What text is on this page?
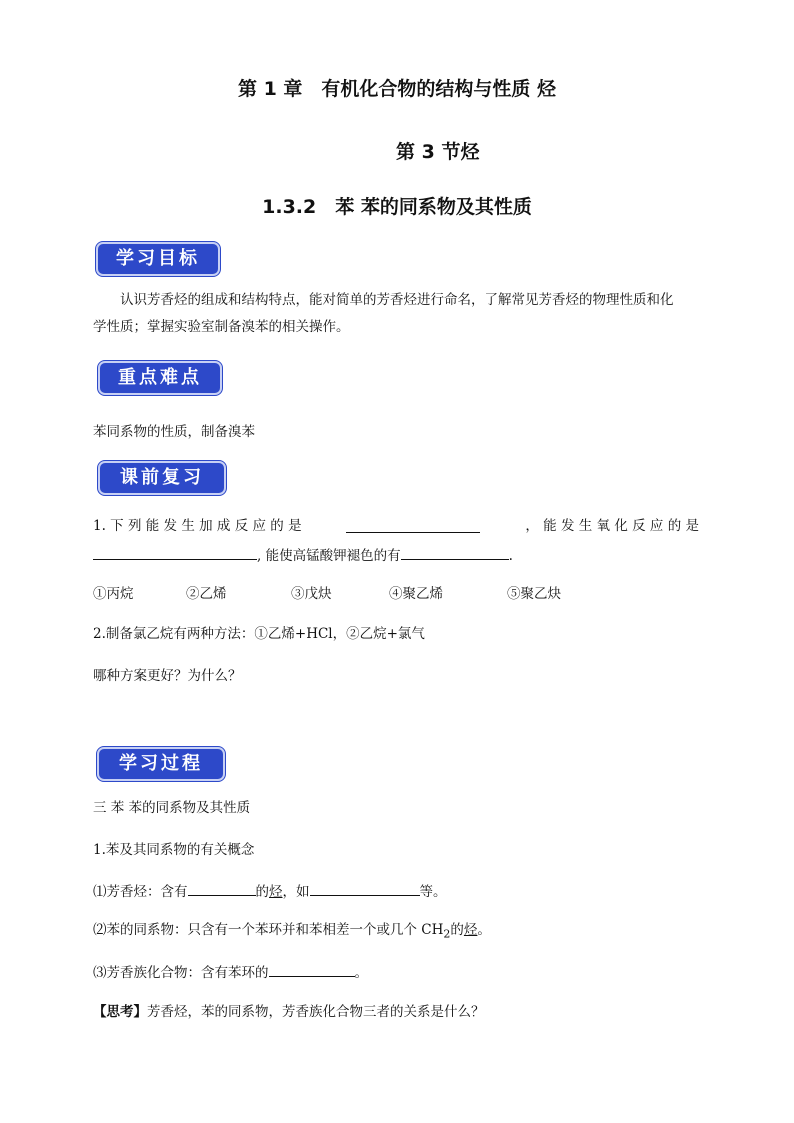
第 1 章　有机化合物的结构与性质 烃
第 3 节烃
1.3.2　苯 苯的同系物及其性质
学习目标
认识芳香烃的组成和结构特点，能对简单的芳香烃进行命名，了解常见芳香烃的物理性质和化
学性质；掌握实验室制备溴苯的相关操作。
重点难点
苯同系物的性质，制备溴苯
课前复习
1. 下 列 能 发 生 加 成 反 应 的 是	， 能 发 生 氧 化 反 应 的 是
, 能使高锰酸钾褪色的有	.
①丙烷	②乙烯	③戊炔	④聚乙烯	⑤聚乙炔
2.制备氯乙烷有两种方法：①乙烯+HCl，②乙烷+氯气
哪种方案更好？为什么？
学习过程
三 苯 苯的同系物及其性质
1.苯及其同系物的有关概念
⑴芳香烃：含有	的烃，如	等。
⑵苯的同系物：只含有一个苯环并和苯相差一个或几个 $CH_2$的烃。
⑶芳香族化合物：含有苯环的	。
【思考】芳香烃，苯的同系物，芳香族化合物三者的关系是什么？
